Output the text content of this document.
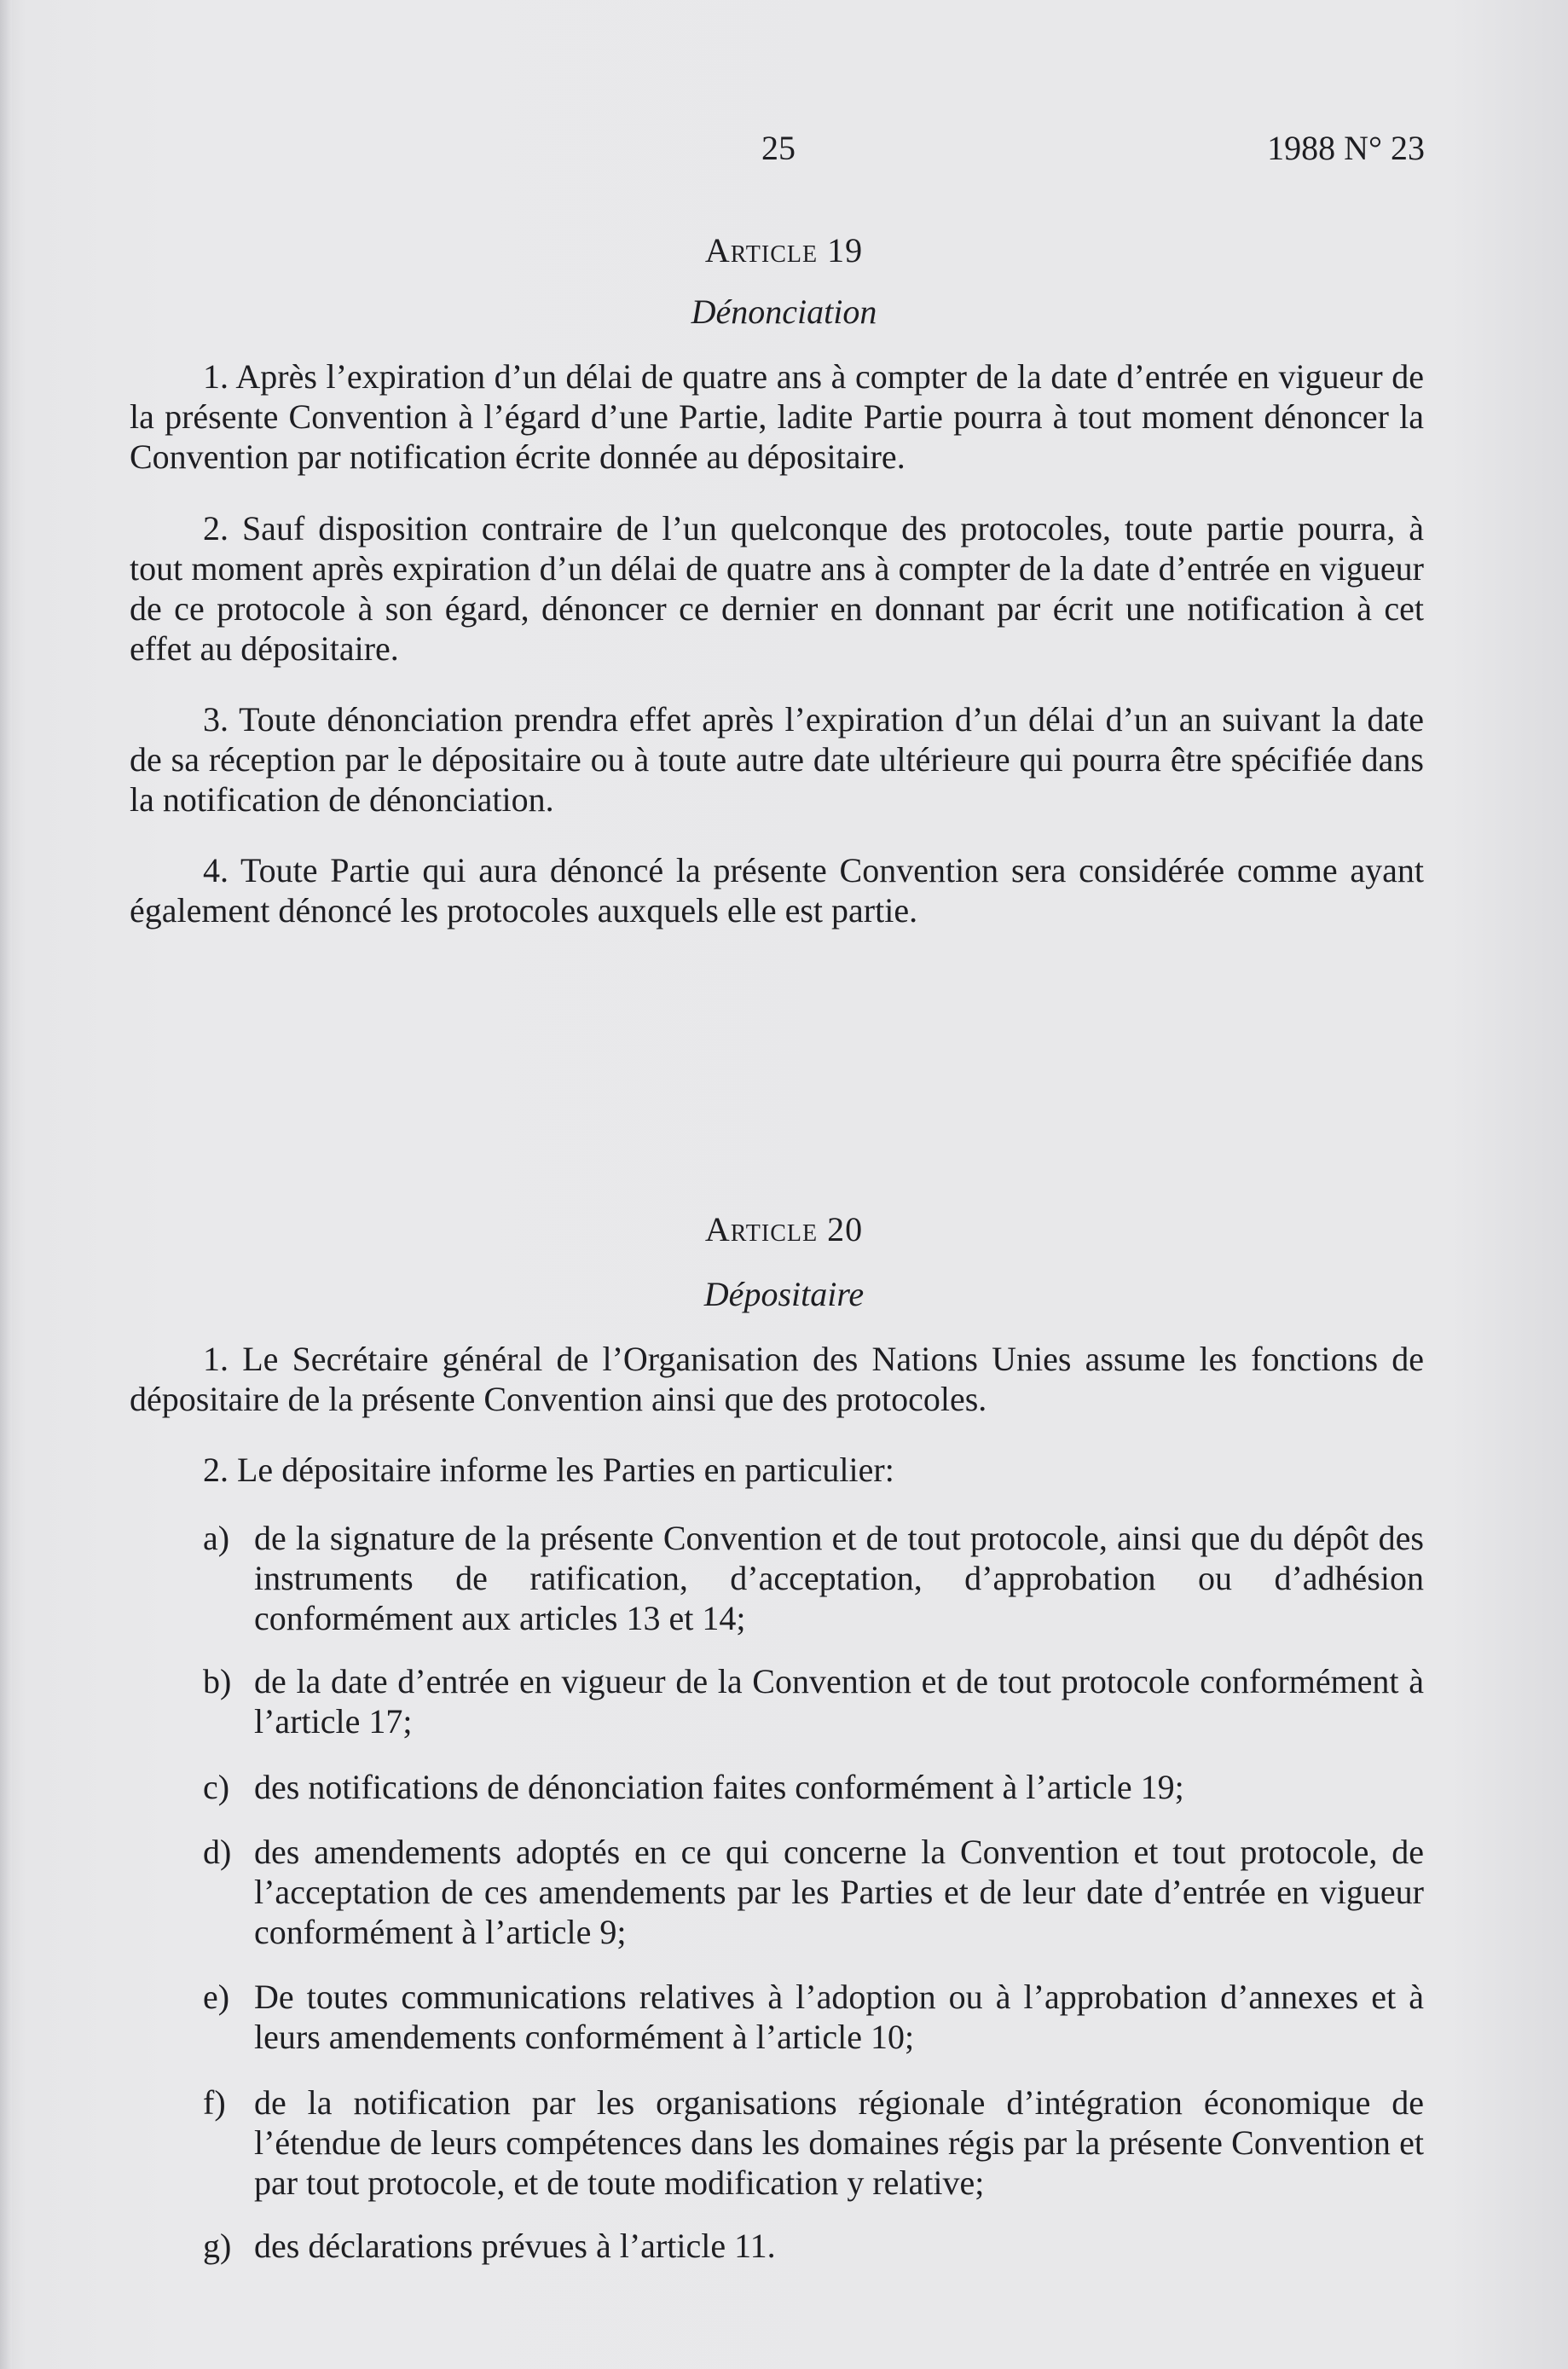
25	1988 N° 23
Article 19
Dénonciation

1. Après l’expiration d’un délai de quatre ans à compter de la date d’entrée en vigueur de la présente Convention à l’égard d’une Partie, ladite Partie pourra à tout moment dénoncer la Convention par notification écrite donnée au dépositaire.

2. Sauf disposition contraire de l’un quelconque des protocoles, toute partie pourra, à tout moment après expiration d’un délai de quatre ans à compter de la date d’entrée en vigueur de ce protocole à son égard, dénoncer ce dernier en donnant par écrit une notification à cet effet au dépositaire.

3. Toute dénonciation prendra effet après l’expiration d’un délai d’un an suivant la date de sa réception par le dépositaire ou à toute autre date ultérieure qui pourra être spécifiée dans la notification de dénonciation.

4. Toute Partie qui aura dénoncé la présente Convention sera considérée comme ayant également dénoncé les protocoles auxquels elle est partie.

Article 20
Dépositaire

1. Le Secrétaire général de l’Organisation des Nations Unies assume les fonctions de dépositaire de la présente Convention ainsi que des protocoles.

2. Le dépositaire informe les Parties en particulier:

a) de la signature de la présente Convention et de tout protocole, ainsi que du dépôt des instruments de ratification, d’acceptation, d’approbation ou d’adhésion conformément aux articles 13 et 14;
b) de la date d’entrée en vigueur de la Convention et de tout protocole conformément à l’article 17;
c) des notifications de dénonciation faites conformément à l’article 19;
d) des amendements adoptés en ce qui concerne la Convention et tout protocole, de l’acceptation de ces amendements par les Parties et de leur date d’entrée en vigueur conformément à l’article 9;
e) De toutes communications relatives à l’adoption ou à l’approbation d’annexes et à leurs amendements conformément à l’article 10;
f) de la notification par les organisations régionale d’intégration économique de l’étendue de leurs compétences dans les domaines régis par la présente Convention et par tout protocole, et de toute modification y relative;
g) des déclarations prévues à l’article 11.
